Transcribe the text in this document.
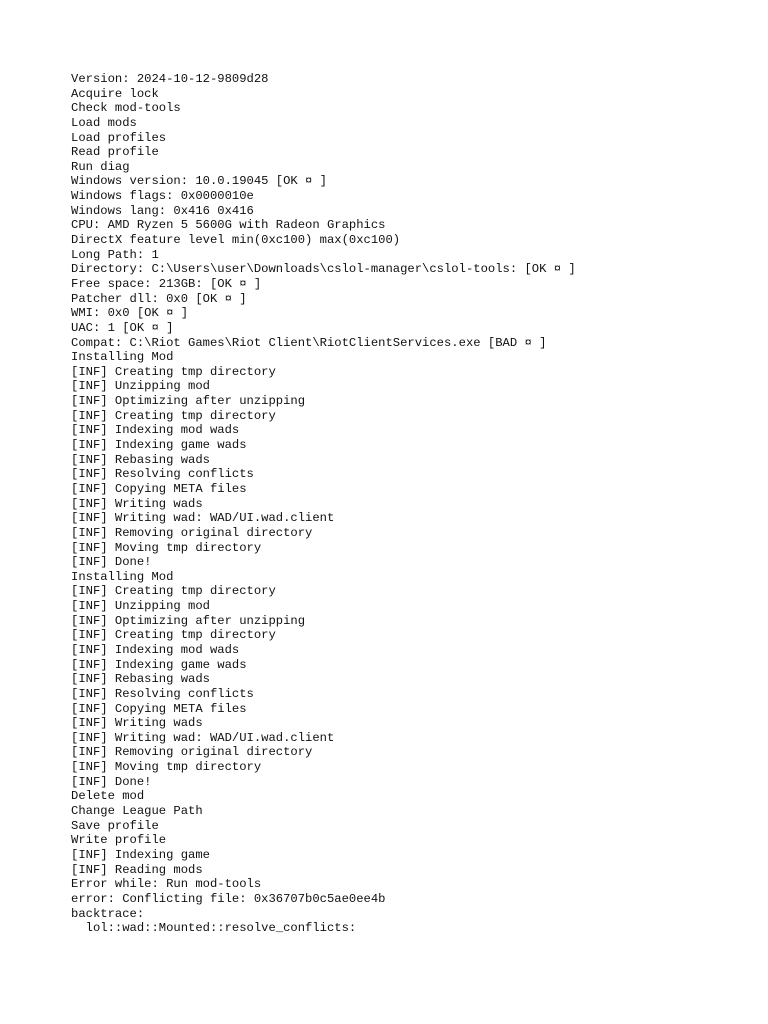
Version: 2024-10-12-9809d28
Acquire lock
Check mod-tools
Load mods
Load profiles
Read profile
Run diag
Windows version: 10.0.19045 [OK ¤ ]
Windows flags: 0x0000010e
Windows lang: 0x416 0x416
CPU: AMD Ryzen 5 5600G with Radeon Graphics
DirectX feature level min(0xc100) max(0xc100)
Long Path: 1
Directory: C:\Users\user\Downloads\cslol-manager\cslol-tools: [OK ¤ ]
Free space: 213GB: [OK ¤ ]
Patcher dll: 0x0 [OK ¤ ]
WMI: 0x0 [OK ¤ ]
UAC: 1 [OK ¤ ]
Compat: C:\Riot Games\Riot Client\RiotClientServices.exe [BAD ¤ ]
Installing Mod
[INF] Creating tmp directory
[INF] Unzipping mod
[INF] Optimizing after unzipping
[INF] Creating tmp directory
[INF] Indexing mod wads
[INF] Indexing game wads
[INF] Rebasing wads
[INF] Resolving conflicts
[INF] Copying META files
[INF] Writing wads
[INF] Writing wad: WAD/UI.wad.client
[INF] Removing original directory
[INF] Moving tmp directory
[INF] Done!
Installing Mod
[INF] Creating tmp directory
[INF] Unzipping mod
[INF] Optimizing after unzipping
[INF] Creating tmp directory
[INF] Indexing mod wads
[INF] Indexing game wads
[INF] Rebasing wads
[INF] Resolving conflicts
[INF] Copying META files
[INF] Writing wads
[INF] Writing wad: WAD/UI.wad.client
[INF] Removing original directory
[INF] Moving tmp directory
[INF] Done!
Delete mod
Change League Path
Save profile
Write profile
[INF] Indexing game
[INF] Reading mods
Error while: Run mod-tools
error: Conflicting file: 0x36707b0c5ae0ee4b
backtrace:
lol::wad::Mounted::resolve_conflicts:
